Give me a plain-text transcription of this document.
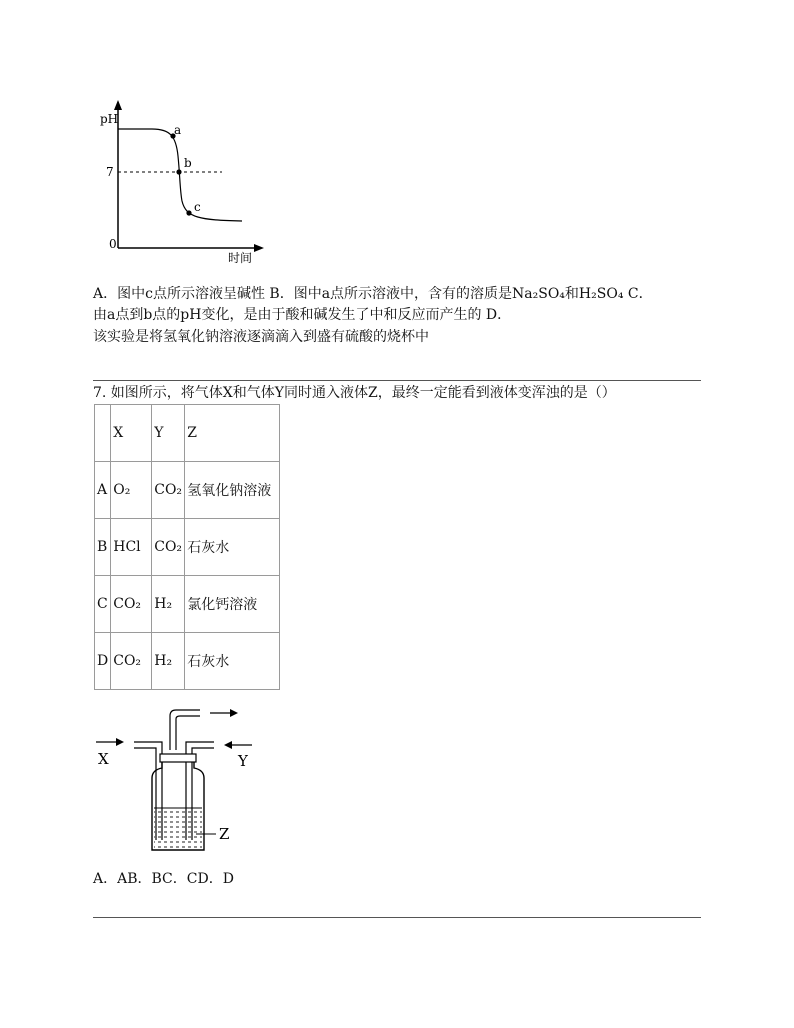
pH
7
0
时间
a
b
c
A．图中c点所示溶液呈碱性 B．图中a点所示溶液中，含有的溶质是Na₂SO₄和H₂SO₄ C．
由a点到b点的pH变化，是由于酸和碱发生了中和反应而产生的 D．
该实验是将氢氧化钠溶液逐滴滴入到盛有硫酸的烧杯中
7. 如图所示，将气体X和气体Y同时通入液体Z，最终一定能看到液体变浑浊的是（）
	X	Y	Z
A	O₂	CO₂	氢氧化钠溶液
B	HCl	CO₂	石灰水
C	CO₂	H₂	氯化钙溶液
D	CO₂	H₂	石灰水
X	Y
Z
A．AB．BC．CD．D
